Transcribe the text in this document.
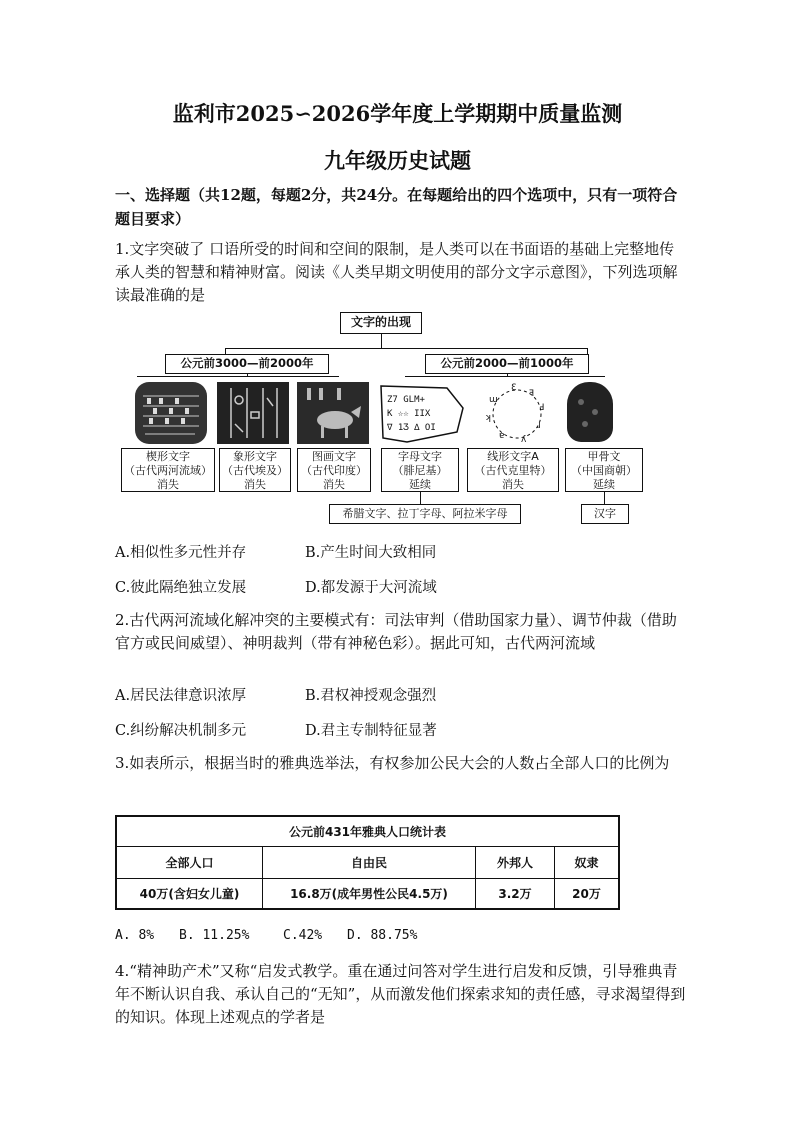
监利市2025∽2026学年度上学期期中质量监测
九年级历史试题
一、选择题（共12题，每题2分，共24分。在每题给出的四个选项中，只有一项符合题目要求）
1.文字突破了 口语所受的时间和空间的限制，是人类可以在书面语的基础上完整地传承人类的智慧和精神财富。阅读《人类早期文明使用的部分文字示意图》，下列选项解读最准确的是
文字的出现
公元前3000—前2000年	公元前2000—前1000年
Z7 GLM+
K ☆☆ IIX
∇ 1Ӡ ∆ OI
Ɛ
ꟻ
Ⅎ
ɹ
ʎ
ɐ
ʞ
ɯ
楔形文字
（古代两河流域）
消失
象形文字
（古代埃及）
消失
图画文字
（古代印度）
消失
字母文字
（腓尼基）
延续
线形文字A
（古代克里特）
消失
甲骨文
（中国商朝）
延续
希腊文字、拉丁字母、阿拉米字母	汉字
A.相似性多元性并存	B.产生时间大致相同
C.彼此隔绝独立发展	D.都发源于大河流域
2.古代两河流域化解冲突的主要模式有：司法审判（借助国家力量）、调节仲裁（借助官方或民间威望）、神明裁判（带有神秘色彩）。据此可知，古代两河流域
A.居民法律意识浓厚	B.君权神授观念强烈
C.纠纷解决机制多元	D.君主专制特征显著
3.如表所示，根据当时的雅典选举法，有权参加公民大会的人数占全部人口的比例为
公元前431年雅典人口统计表			
全部人口	自由民	外邦人	奴隶
40万(含妇女儿童)	16.8万(成年男性公民4.5万)	3.2万	20万
A. 8% B. 11.25%	C.42% D. 88.75%
4.“精神助产术”又称“启发式教学。重在通过问答对学生进行启发和反馈，引导雅典青年不断认识自我、承认自己的“无知”，从而激发他们探索求知的责任感，寻求渴望得到的知识。体现上述观点的学者是
